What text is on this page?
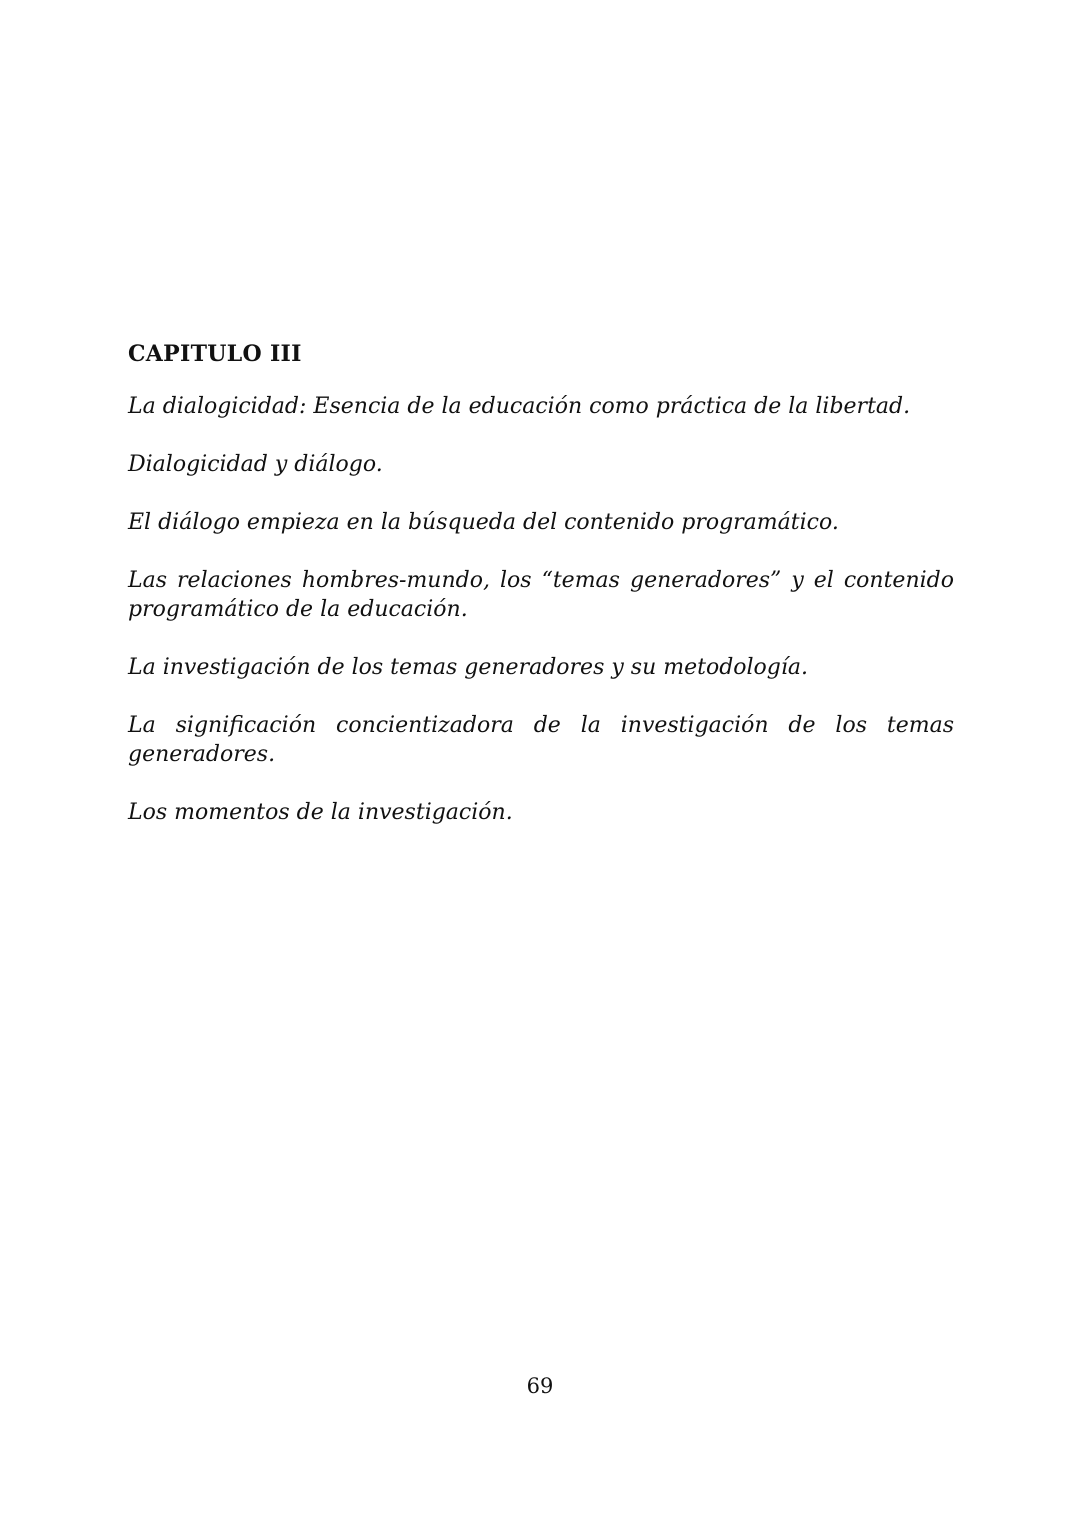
CAPITULO III

La dialogicidad: Esencia de la educación como práctica de la libertad.

Dialogicidad y diálogo.

El diálogo empieza en la búsqueda del contenido programático.

Las relaciones hombres-mundo, los “temas generadores” y el contenido programático de la educación.

La investigación de los temas generadores y su metodología.

La significación concientizadora de la investigación de los temas generadores.

Los momentos de la investigación.

69
